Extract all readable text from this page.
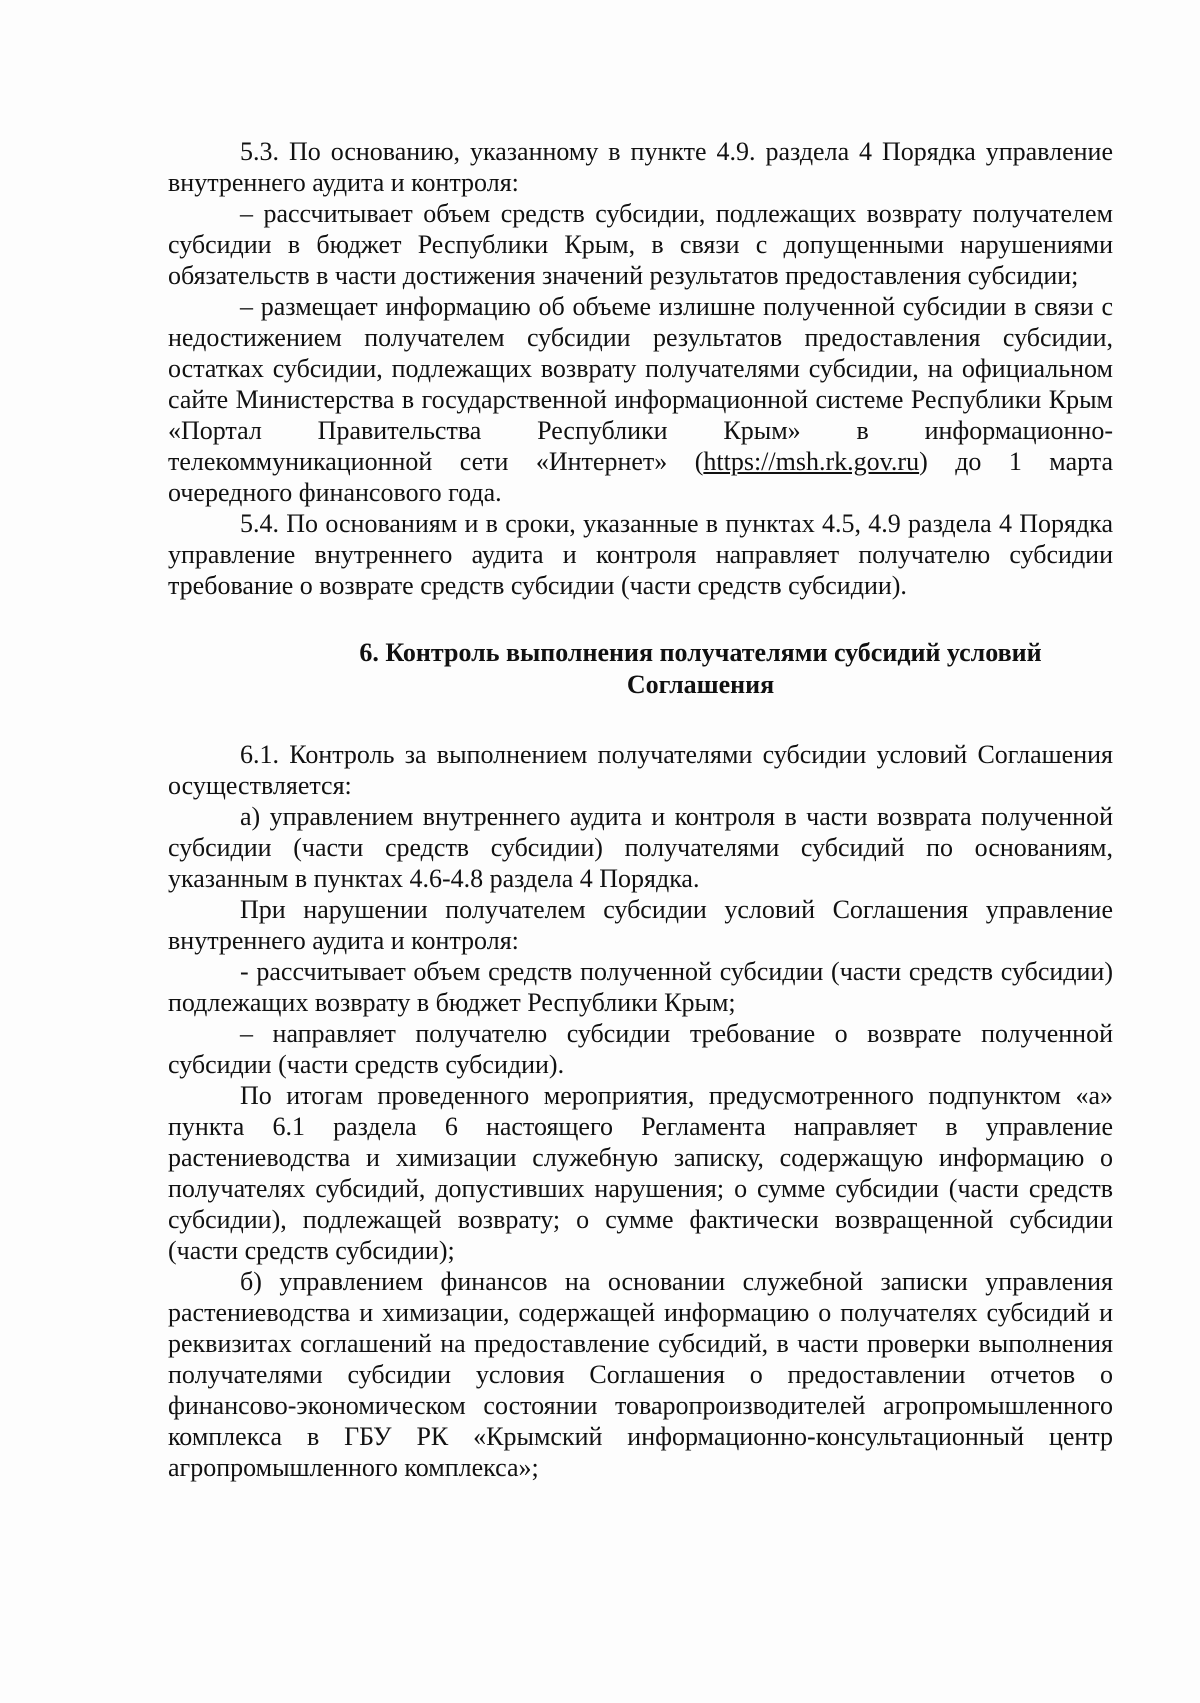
5.3. По основанию, указанному в пункте 4.9. раздела 4 Порядка управление внутреннего аудита и контроля:

– рассчитывает объем средств субсидии, подлежащих возврату получателем субсидии в бюджет Республики Крым, в связи с допущенными нарушениями обязательств в части достижения значений результатов предоставления субсидии;

– размещает информацию об объеме излишне полученной субсидии в связи с недостижением получателем субсидии результатов предоставления субсидии, остатках субсидии, подлежащих возврату получателями субсидии, на официальном сайте Министерства в государственной информационной системе Республики Крым «Портал Правительства Республики Крым» в информационно-телекоммуникационной сети «Интернет» (https://msh.rk.gov.ru) до 1 марта очередного финансового года.

5.4. По основаниям и в сроки, указанные в пунктах 4.5, 4.9 раздела 4 Порядка управление внутреннего аудита и контроля направляет получателю субсидии требование о возврате средств субсидии (части средств субсидии).

6. Контроль выполнения получателями субсидий условий
Соглашения

6.1. Контроль за выполнением получателями субсидии условий Соглашения осуществляется:

а) управлением внутреннего аудита и контроля в части возврата полученной субсидии (части средств субсидии) получателями субсидий по основаниям, указанным в пунктах 4.6-4.8 раздела 4 Порядка.

При нарушении получателем субсидии условий Соглашения управление внутреннего аудита и контроля:

- рассчитывает объем средств полученной субсидии (части средств субсидии) подлежащих возврату в бюджет Республики Крым;

– направляет получателю субсидии требование о возврате полученной субсидии (части средств субсидии).

По итогам проведенного мероприятия, предусмотренного подпунктом «а» пункта 6.1 раздела 6 настоящего Регламента направляет в управление растениеводства и химизации служебную записку, содержащую информацию о получателях субсидий, допустивших нарушения; о сумме субсидии (части средств субсидии), подлежащей возврату; о сумме фактически возвращенной субсидии (части средств субсидии);

б) управлением финансов на основании служебной записки управления растениеводства и химизации, содержащей информацию о получателях субсидий и реквизитах соглашений на предоставление субсидий, в части проверки выполнения получателями субсидии условия Соглашения о предоставлении отчетов о финансово-экономическом состоянии товаропроизводителей агропромышленного комплекса в ГБУ РК «Крымский информационно-консультационный центр агропромышленного комплекса»;
